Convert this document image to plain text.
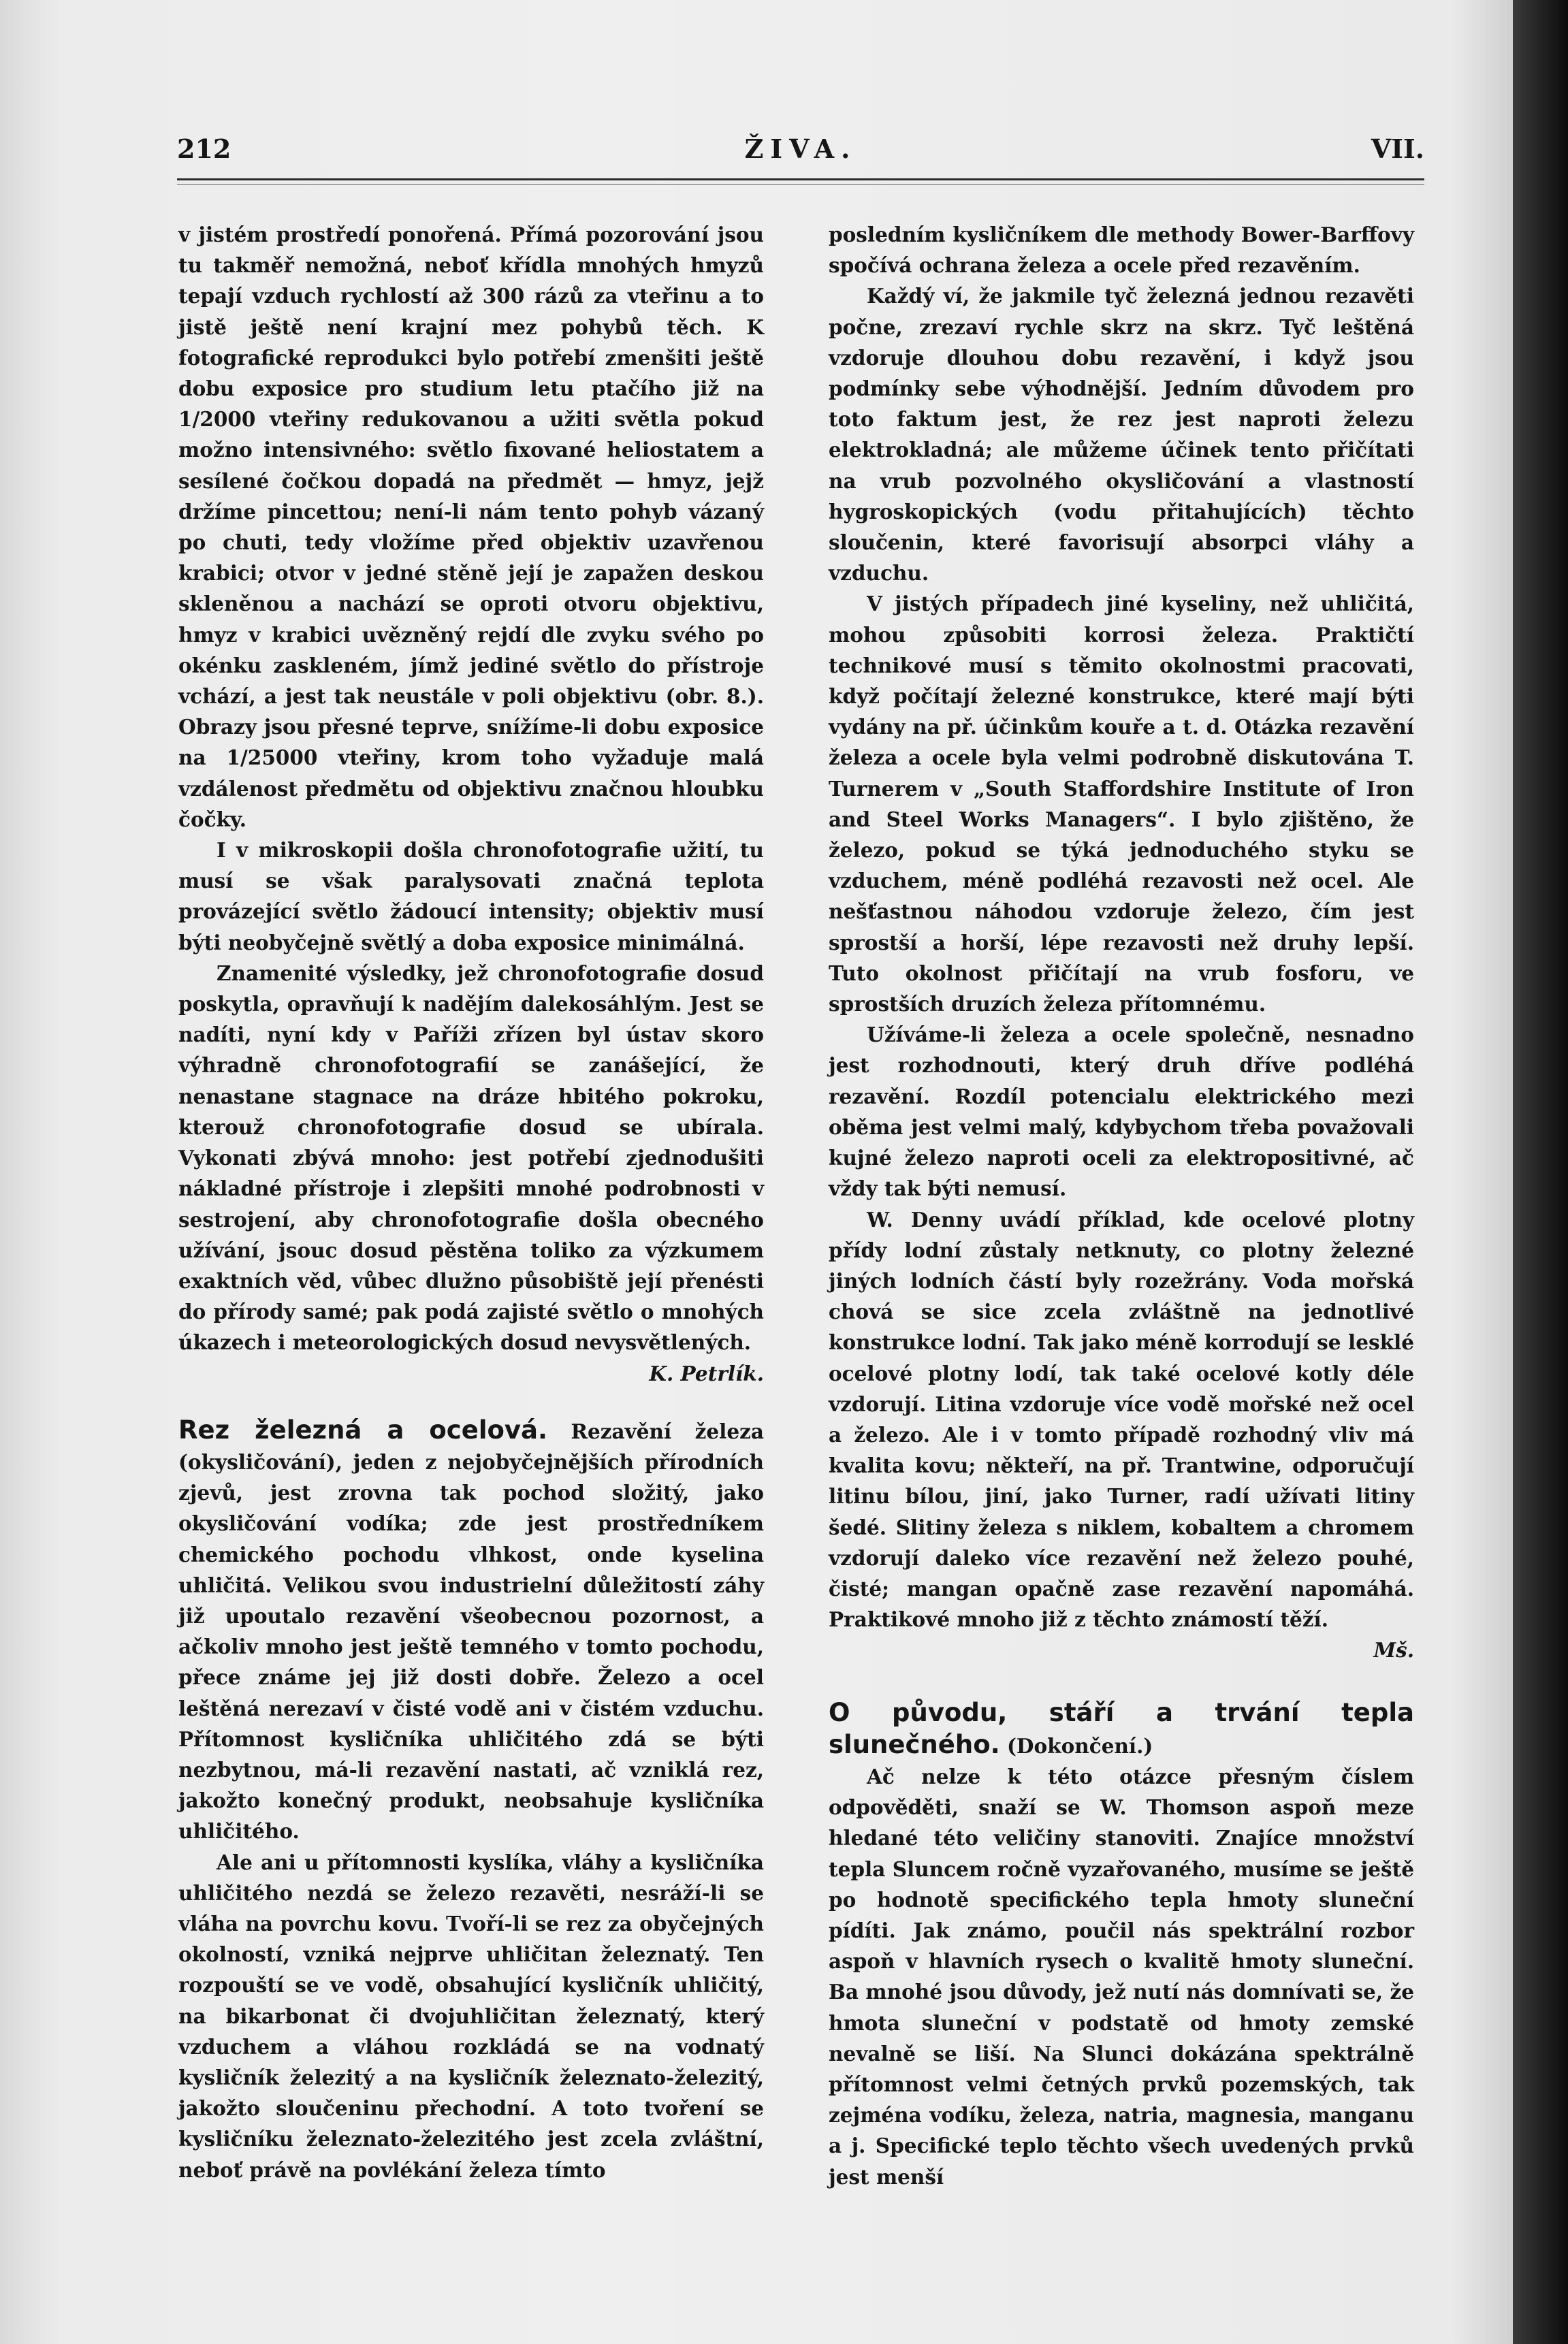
ŽIVA.
212	VII.

v jistém prostředí ponořená. Přímá pozorování jsou tu takměř nemožná, neboť křídla mnohých hmyzů tepají vzduch rychlostí až 300 rázů za vteřinu a to jistě ještě není krajní mez pohybů těch. K fotografické reprodukci bylo potřebí zmenšiti ještě dobu exposice pro studium letu ptačího již na 1/2000 vteřiny redukovanou a užiti světla pokud možno intensivného: světlo fixované heliostatem a sesílené čočkou dopadá na předmět — hmyz, jejž držíme pincettou; není-li nám tento pohyb vázaný po chuti, tedy vložíme před objektiv uzavřenou krabici; otvor v jedné stěně její je zapažen deskou skleněnou a nachází se oproti otvoru objektivu, hmyz v krabici uvězněný rejdí dle zvyku svého po okénku zaskleném, jímž jediné světlo do přístroje vchází, a jest tak neustále v poli objektivu (obr. 8.). Obrazy jsou přesné teprve, snížíme-li dobu exposice na 1/25000 vteřiny, krom toho vyžaduje malá vzdálenost předmětu od objektivu značnou hloubku čočky.

I v mikroskopii došla chronofotografie užití, tu musí se však paralysovati značná teplota provázející světlo žádoucí intensity; objektiv musí býti neobyčejně světlý a doba exposice minimálná.

Znamenité výsledky, jež chronofotografie dosud poskytla, opravňují k nadějím dalekosáhlým. Jest se nadíti, nyní kdy v Paříži zřízen byl ústav skoro výhradně chronofotografií se zanášející, že nenastane stagnace na dráze hbitého pokroku, kterouž chronofotografie dosud se ubírala. Vykonati zbývá mnoho: jest potřebí zjednodušiti nákladné přístroje i zlepšiti mnohé podrobnosti v sestrojení, aby chronofotografie došla obecného užívání, jsouc dosud pěstěna toliko za výzkumem exaktních věd, vůbec dlužno působiště její přenésti do přírody samé; pak podá zajisté světlo o mnohých úkazech i meteorologických dosud nevysvětlených.

K. Petrlík.

Rez železná a ocelová. Rezavění železa (okysličování), jeden z nejobyčejnějších přírodních zjevů, jest zrovna tak pochod složitý, jako okysličování vodíka; zde jest prostředníkem chemického pochodu vlhkost, onde kyselina uhličitá. Velikou svou industrielní důležitostí záhy již upoutalo rezavění všeobecnou pozornost, a ačkoliv mnoho jest ještě temného v tomto pochodu, přece známe jej již dosti dobře. Železo a ocel leštěná nerezaví v čisté vodě ani v čistém vzduchu. Přítomnost kysličníka uhličitého zdá se býti nezbytnou, má-li rezavění nastati, ač vzniklá rez, jakožto konečný produkt, neobsahuje kysličníka uhličitého.

Ale ani u přítomnosti kyslíka, vláhy a kysličníka uhličitého nezdá se železo rezavěti, nesráží-li se vláha na povrchu kovu. Tvoří-li se rez za obyčejných okolností, vzniká nejprve uhličitan železnatý. Ten rozpouští se ve vodě, obsahující kysličník uhličitý, na bikarbonat či dvojuhličitan železnatý, který vzduchem a vláhou rozkládá se na vodnatý kysličník železitý a na kysličník železnato-železitý, jakožto sloučeninu přechodní. A toto tvoření se kysličníku železnato-železitého jest zcela zvláštní, neboť právě na povlékání železa tímto

posledním kysličníkem dle methody Bower-Barffovy spočívá ochrana železa a ocele před rezavěním.

Každý ví, že jakmile tyč železná jednou rezavěti počne, zrezaví rychle skrz na skrz. Tyč leštěná vzdoruje dlouhou dobu rezavění, i když jsou podmínky sebe výhodnější. Jedním důvodem pro toto faktum jest, že rez jest naproti železu elektrokladná; ale můžeme účinek tento přičítati na vrub pozvolného okysličování a vlastností hygroskopických (vodu přitahujících) těchto sloučenin, které favorisují absorpci vláhy a vzduchu.

V jistých případech jiné kyseliny, než uhličitá, mohou způsobiti korrosi železa. Praktičtí technikové musí s těmito okolnostmi pracovati, když počítají železné konstrukce, které mají býti vydány na př. účinkům kouře a t. d. Otázka rezavění železa a ocele byla velmi podrobně diskutována T. Turnerem v „South Staffordshire Institute of Iron and Steel Works Managers“. I bylo zjištěno, že železo, pokud se týká jednoduchého styku se vzduchem, méně podléhá rezavosti než ocel. Ale nešťastnou náhodou vzdoruje železo, čím jest sprostší a horší, lépe rezavosti než druhy lepší. Tuto okolnost přičítají na vrub fosforu, ve sprostších druzích železa přítomnému.

Užíváme-li železa a ocele společně, nesnadno jest rozhodnouti, který druh dříve podléhá rezavění. Rozdíl potencialu elektrického mezi oběma jest velmi malý, kdybychom třeba považovali kujné železo naproti oceli za elektropositivné, ač vždy tak býti nemusí.

W. Denny uvádí příklad, kde ocelové plotny přídy lodní zůstaly netknuty, co plotny železné jiných lodních částí byly rozežrány. Voda mořská chová se sice zcela zvláštně na jednotlivé konstrukce lodní. Tak jako méně korrodují se lesklé ocelové plotny lodí, tak také ocelové kotly déle vzdorují. Litina vzdoruje více vodě mořské než ocel a železo. Ale i v tomto případě rozhodný vliv má kvalita kovu; někteří, na př. Trantwine, odporučují litinu bílou, jiní, jako Turner, radí užívati litiny šedé. Slitiny železa s niklem, kobaltem a chromem vzdorují daleko více rezavění než železo pouhé, čisté; mangan opačně zase rezavění napomáhá. Praktikové mnoho již z těchto známostí těží.

Mš.

O původu, stáří a trvání tepla slunečného. (Dokončení.)

Ač nelze k této otázce přesným číslem odpověděti, snaží se W. Thomson aspoň meze hledané této veličiny stanoviti. Znajíce množství tepla Sluncem ročně vyzařovaného, musíme se ještě po hodnotě specifického tepla hmoty sluneční pídíti. Jak známo, poučil nás spektrální rozbor aspoň v hlavních rysech o kvalitě hmoty sluneční. Ba mnohé jsou důvody, jež nutí nás domnívati se, že hmota sluneční v podstatě od hmoty zemské nevalně se liší. Na Slunci dokázána spektrálně přítomnost velmi četných prvků pozemských, tak zejména vodíku, železa, natria, magnesia, manganu a j. Specifické teplo těchto všech uvedených prvků jest menší
